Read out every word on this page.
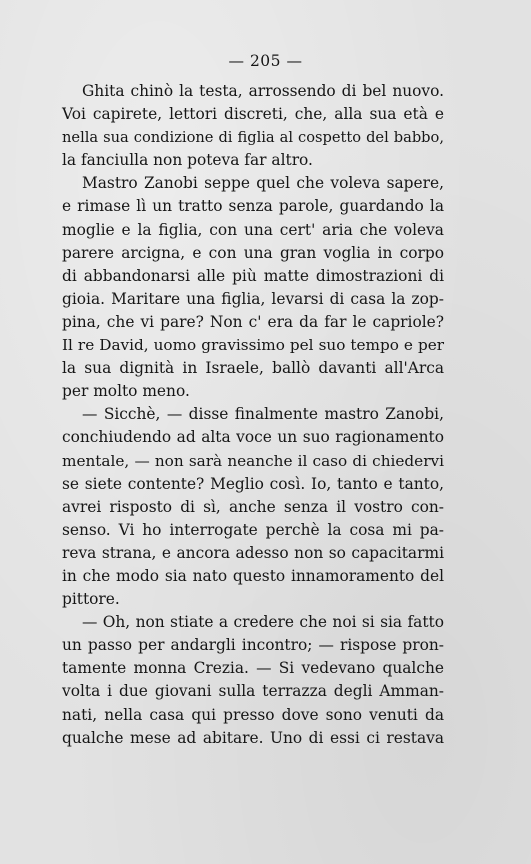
— 205 —
Ghita chinò la testa, arrossendo di bel nuovo.
Voi capirete, lettori discreti, che, alla sua età e
nella sua condizione di figlia al cospetto del babbo,
la fanciulla non poteva far altro.
Mastro Zanobi seppe quel che voleva sapere,
e rimase lì un tratto senza parole, guardando la
moglie e la figlia, con una cert' aria che voleva
parere arcigna, e con una gran voglia in corpo
di abbandonarsi alle più matte dimostrazioni di
gioia. Maritare una figlia, levarsi di casa la zop-
pina, che vi pare? Non c' era da far le capriole?
Il re David, uomo gravissimo pel suo tempo e per
la sua dignità in Israele, ballò davanti all'Arca
per molto meno.
— Sicchè, — disse finalmente mastro Zanobi,
conchiudendo ad alta voce un suo ragionamento
mentale, — non sarà neanche il caso di chiedervi
se siete contente? Meglio così. Io, tanto e tanto,
avrei risposto di sì, anche senza il vostro con-
senso. Vi ho interrogate perchè la cosa mi pa-
reva strana, e ancora adesso non so capacitarmi
in che modo sia nato questo innamoramento del
pittore.
— Oh, non stiate a credere che noi si sia fatto
un passo per andargli incontro; — rispose pron-
tamente monna Crezia. — Si vedevano qualche
volta i due giovani sulla terrazza degli Amman-
nati, nella casa qui presso dove sono venuti da
qualche mese ad abitare. Uno di essi ci restava
